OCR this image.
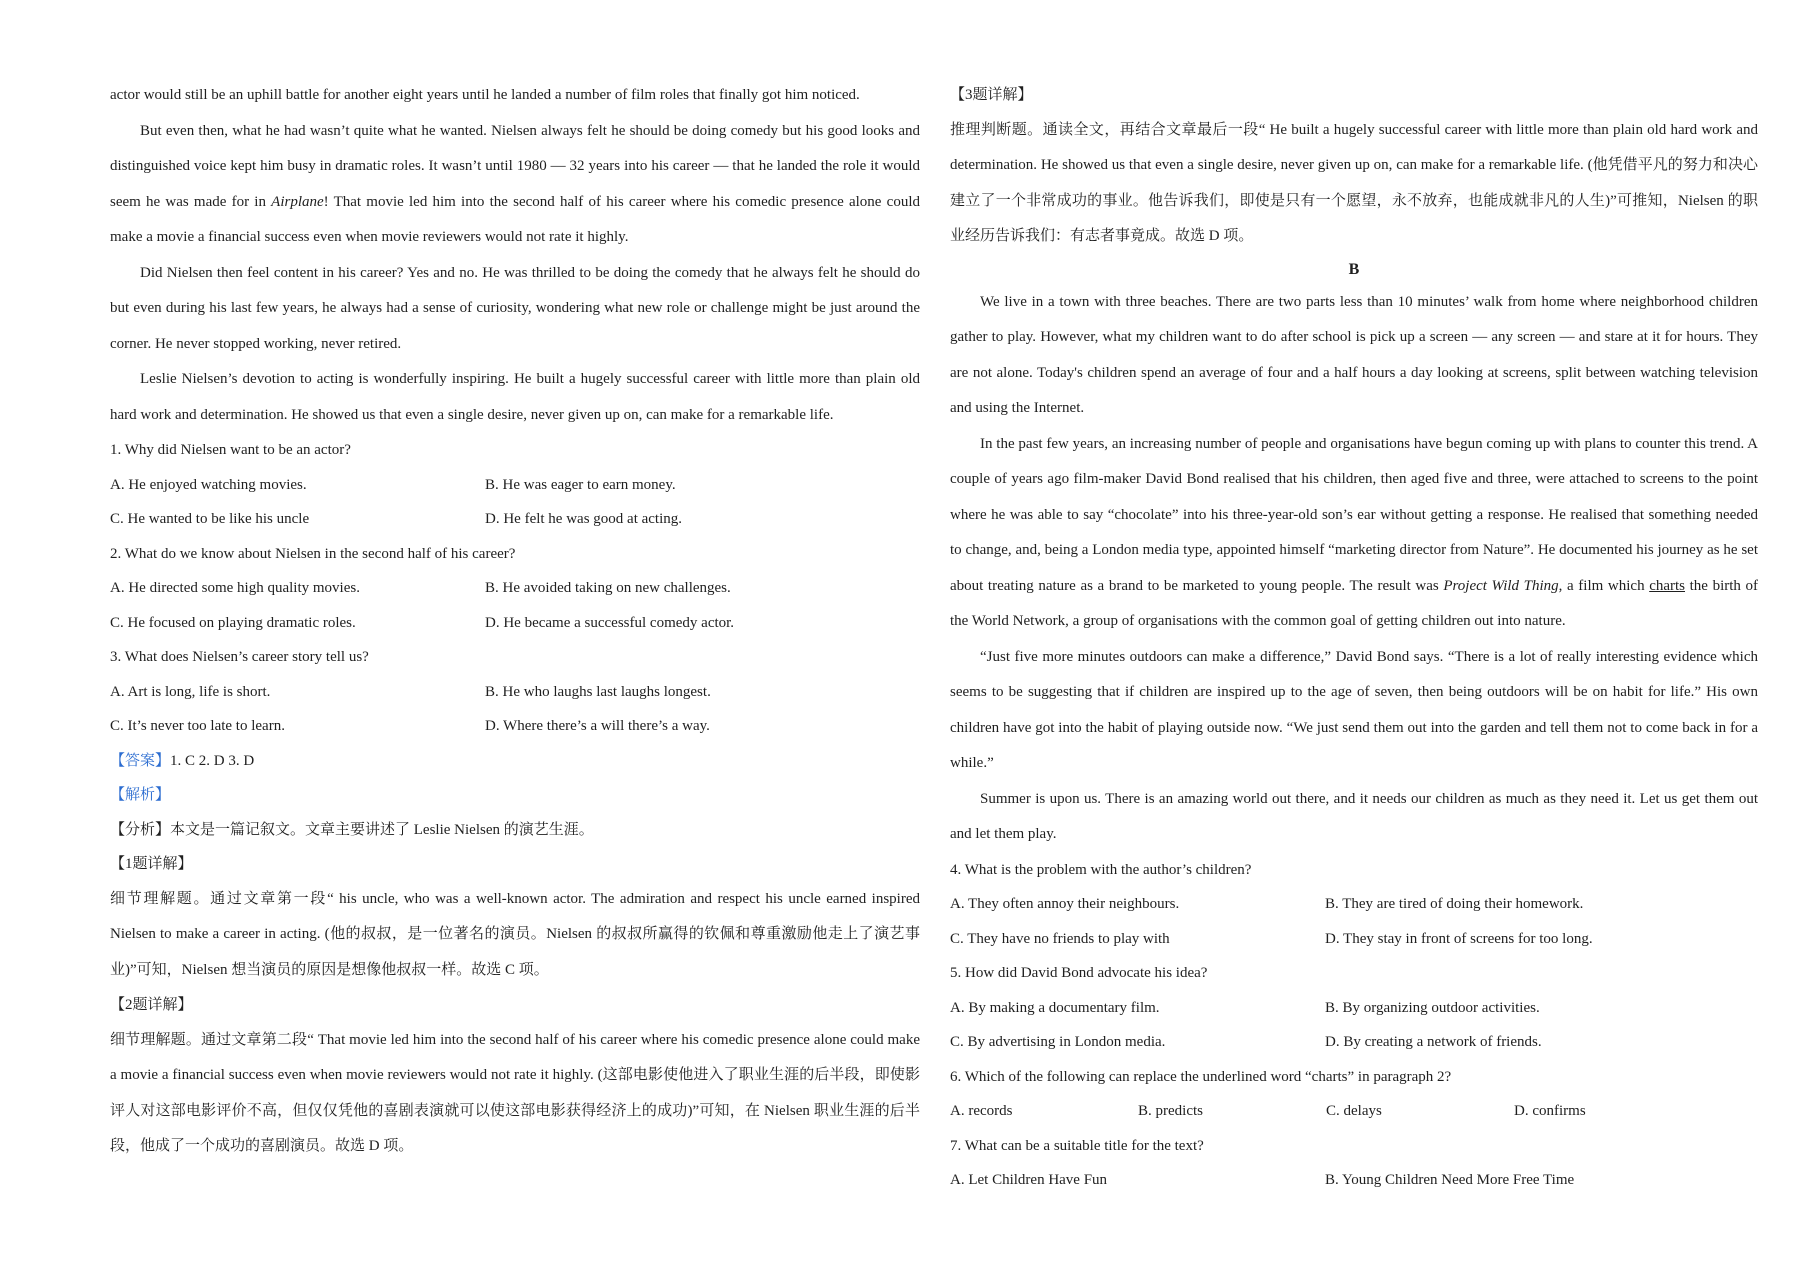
actor would still be an uphill battle for another eight years until he landed a number of film roles that finally got him noticed.

But even then, what he had wasn’t quite what he wanted. Nielsen always felt he should be doing comedy but his good looks and distinguished voice kept him busy in dramatic roles. It wasn’t until 1980 — 32 years into his career — that he landed the role it would seem he was made for in Airplane! That movie led him into the second half of his career where his comedic presence alone could make a movie a financial success even when movie reviewers would not rate it highly.

Did Nielsen then feel content in his career? Yes and no. He was thrilled to be doing the comedy that he always felt he should do but even during his last few years, he always had a sense of curiosity, wondering what new role or challenge might be just around the corner. He never stopped working, never retired.

Leslie Nielsen’s devotion to acting is wonderfully inspiring. He built a hugely successful career with little more than plain old hard work and determination. He showed us that even a single desire, never given up on, can make for a remarkable life.

1. Why did Nielsen want to be an actor?

A. He enjoyed watching movies.	B. He was eager to earn money.
C. He wanted to be like his uncle	D. He felt he was good at acting.

2. What do we know about Nielsen in the second half of his career?

A. He directed some high quality movies.	B. He avoided taking on new challenges.
C. He focused on playing dramatic roles.	D. He became a successful comedy actor.

3. What does Nielsen’s career story tell us?

A. Art is long, life is short.	B. He who laughs last laughs longest.
C. It’s never too late to learn.	D. Where there’s a will there’s a way.

【答案】1. C 2. D 3. D

【解析】

【分析】本文是一篇记叙文。文章主要讲述了 Leslie Nielsen 的演艺生涯。

【1题详解】

细节理解题。通过文章第一段“ his uncle, who was a well-known actor. The admiration and respect his uncle earned inspired Nielsen to make a career in acting. (他的叔叔，是一位著名的演员。Nielsen 的叔叔所赢得的钦佩和尊重激励他走上了演艺事业)”可知，Nielsen 想当演员的原因是想像他叔叔一样。故选 C 项。

【2题详解】

细节理解题。通过文章第二段“ That movie led him into the second half of his career where his comedic presence alone could make a movie a financial success even when movie reviewers would not rate it highly. (这部电影使他进入了职业生涯的后半段，即使影评人对这部电影评价不高，但仅仅凭他的喜剧表演就可以使这部电影获得经济上的成功)”可知，在 Nielsen 职业生涯的后半段，他成了一个成功的喜剧演员。故选 D 项。

【3题详解】

推理判断题。通读全文，再结合文章最后一段“ He built a hugely successful career with little more than plain old hard work and determination. He showed us that even a single desire, never given up on, can make for a remarkable life. (他凭借平凡的努力和决心建立了一个非常成功的事业。他告诉我们，即使是只有一个愿望，永不放弃，也能成就非凡的人生)”可推知，Nielsen 的职业经历告诉我们：有志者事竟成。故选 D 项。

B

We live in a town with three beaches. There are two parts less than 10 minutes’ walk from home where neighborhood children gather to play. However, what my children want to do after school is pick up a screen — any screen — and stare at it for hours. They are not alone. Today's children spend an average of four and a half hours a day looking at screens, split between watching television and using the Internet.

In the past few years, an increasing number of people and organisations have begun coming up with plans to counter this trend. A couple of years ago film-maker David Bond realised that his children, then aged five and three, were attached to screens to the point where he was able to say “chocolate” into his three-year-old son’s ear without getting a response. He realised that something needed to change, and, being a London media type, appointed himself “marketing director from Nature”. He documented his journey as he set about treating nature as a brand to be marketed to young people. The result was Project Wild Thing, a film which charts the birth of the World Network, a group of organisations with the common goal of getting children out into nature.

“Just five more minutes outdoors can make a difference,” David Bond says. “There is a lot of really interesting evidence which seems to be suggesting that if children are inspired up to the age of seven, then being outdoors will be on habit for life.” His own children have got into the habit of playing outside now. “We just send them out into the garden and tell them not to come back in for a while.”

Summer is upon us. There is an amazing world out there, and it needs our children as much as they need it. Let us get them out and let them play.

4. What is the problem with the author’s children?

A. They often annoy their neighbours.	B. They are tired of doing their homework.
C. They have no friends to play with	D. They stay in front of screens for too long.

5. How did David Bond advocate his idea?

A. By making a documentary film.	B. By organizing outdoor activities.
C. By advertising in London media.	D. By creating a network of friends.

6. Which of the following can replace the underlined word “charts” in paragraph 2?

A. records	B. predicts	C. delays	D. confirms

7. What can be a suitable title for the text?

A. Let Children Have Fun	B. Young Children Need More Free Time
